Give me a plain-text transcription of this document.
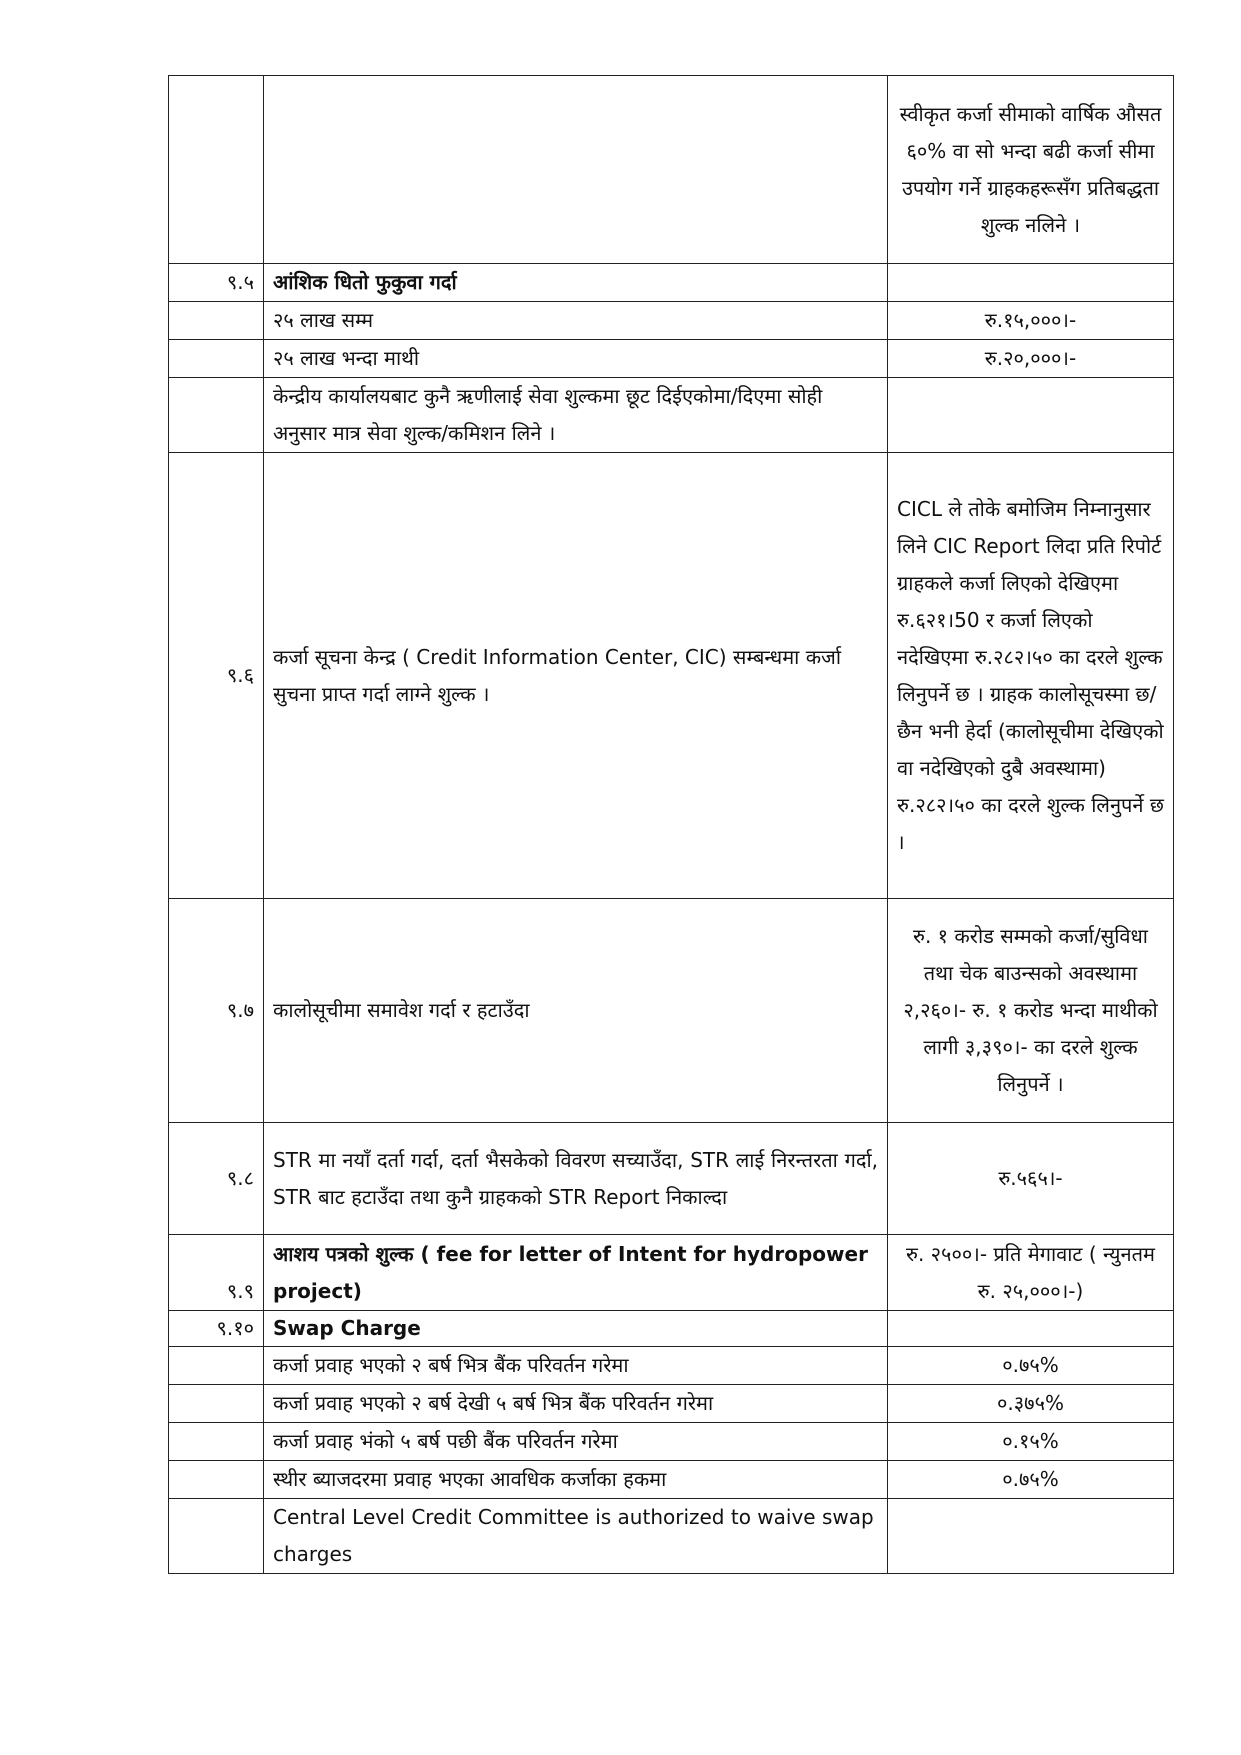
		स्वीकृत कर्जा सीमाको वार्षिक औसत ६०% वा सो भन्दा बढी कर्जा सीमा उपयोग गर्ने ग्राहकहरूसँग प्रतिबद्धता शुल्क नलिने ।
९.५	आंशिक धितो फुकुवा गर्दा	
	२५ लाख सम्म	रु.१५,०००।-
	२५ लाख भन्दा माथी	रु.२०,०००।-
	केन्द्रीय कार्यालयबाट कुनै ऋणीलाई सेवा शुल्कमा छूट दिईएकोमा/दिएमा सोही अनुसार मात्र सेवा शुल्क/कमिशन लिने ।	
९.६	कर्जा सूचना केन्द्र ( Credit Information Center, CIC) सम्बन्धमा कर्जा सुचना प्राप्त गर्दा लाग्ने शुल्क ।	CICL ले तोके बमोजिम निम्नानुसार लिने CIC Report लिदा प्रति रिपोर्ट ग्राहकले कर्जा लिएको देखिएमा रु.६२१।50 र कर्जा लिएको नदेखिएमा रु.२८२।५० का दरले शुल्क लिनुपर्ने छ । ग्राहक कालोसूचस्मा छ/छैन भनी हेर्दा (कालोसूचीमा देखिएको वा नदेखिएको दुबै अवस्थामा) रु.२८२।५० का दरले शुल्क लिनुपर्ने छ ।
९.७	कालोसूचीमा समावेश गर्दा र हटाउँदा	रु. १ करोड सम्मको कर्जा/सुविधा तथा चेक बाउन्सको अवस्थामा २,२६०।- रु. १ करोड भन्दा माथीको लागी ३,३९०।- का दरले शुल्क लिनुपर्ने ।
९.८	STR मा नयाँ दर्ता गर्दा, दर्ता भैसकेको विवरण सच्याउँदा, STR लाई निरन्तरता गर्दा, STR बाट हटाउँदा तथा कुनै ग्राहकको STR Report निकाल्दा	रु.५६५।-
९.९	आशय पत्रको शुल्क ( fee for letter of Intent for hydropower project)	रु. २५००।- प्रति मेगावाट ( न्युनतम रु. २५,०००।-)
९.१०	Swap Charge	
	कर्जा प्रवाह भएको २ बर्ष भित्र बैंक परिवर्तन गरेमा	०.७५%
	कर्जा प्रवाह भएको २ बर्ष देखी ५ बर्ष भित्र बैंक परिवर्तन गरेमा	०.३७५%
	कर्जा प्रवाह भंको ५ बर्ष पछी बैंक परिवर्तन गरेमा	०.१५%
	स्थीर ब्याजदरमा प्रवाह भएका आवधिक कर्जाका हकमा	०.७५%
	Central Level Credit Committee is authorized to waive swap charges	
